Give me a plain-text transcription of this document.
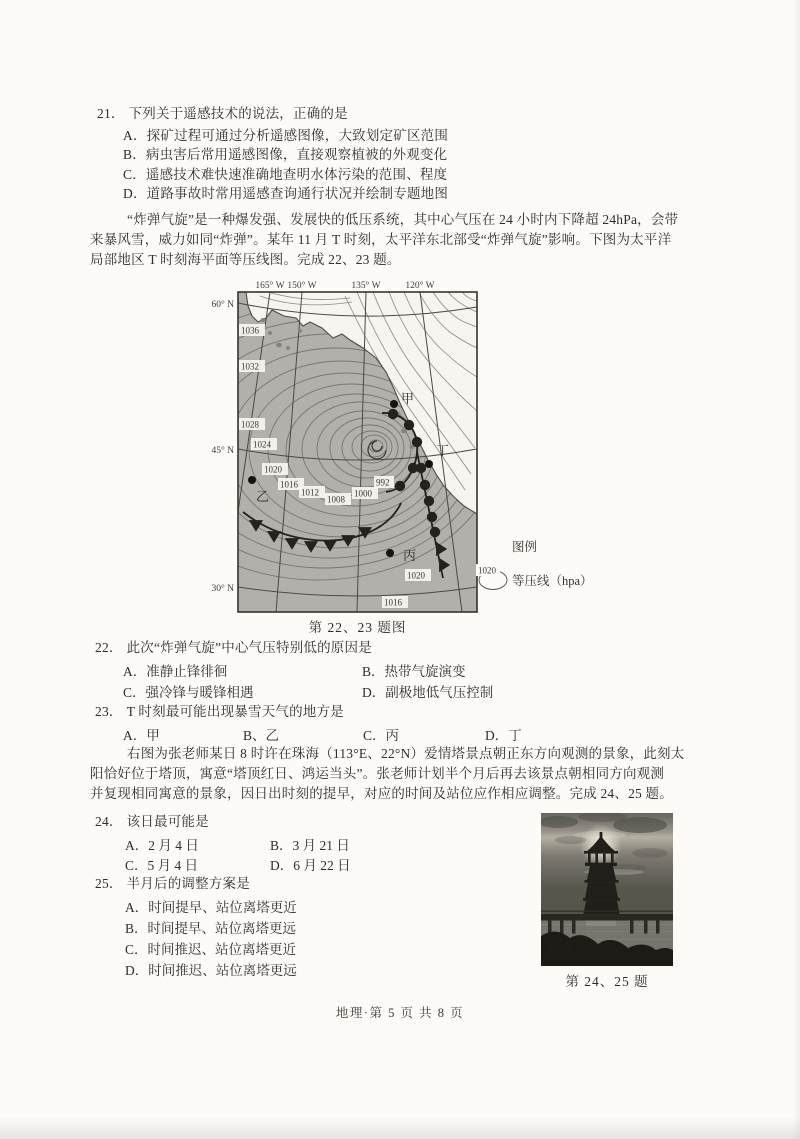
21． 下列关于遥感技术的说法，正确的是
A．探矿过程可通过分析遥感图像，大致划定矿区范围
B．病虫害后常用遥感图像，直接观察植被的外观变化
C．遥感技术难快速准确地查明水体污染的范围、程度
D．道路事故时常用遥感查询通行状况并绘制专题地图
“炸弹气旋”是一种爆发强、发展快的低压系统，其中心气压在 24 小时内下降超 24hPa，会带
来暴风雪，威力如同“炸弹”。某年 11 月 T 时刻，太平洋东北部受“炸弹气旋”影响。下图为太平洋
局部地区 T 时刻海平面等压线图。完成 22、23 题。
1036
1032
1028
1024
1020
1016
1012
1008
1000
992
1020
1016
甲
乙
丙
丁
165° W 150° W	135° W	120° W
60° N
45° N
30° N
图例
1020
等压线（hpa）
第 22、23 题图
22． 此次“炸弹气旋”中心气压特别低的原因是
A．准静止锋徘徊	B．热带气旋演变
C．强冷锋与暖锋相遇	D．副极地低气压控制
23． T 时刻最可能出现暴雪天气的地方是
A．甲	B、乙	C．丙	D．丁
右图为张老师某日 8 时许在珠海（113°E、22°N）爱情塔景点朝正东方向观测的景象，此刻太
阳恰好位于塔顶，寓意“塔顶红日、鸿运当头”。张老师计划半个月后再去该景点朝相同方向观测
并复现相同寓意的景象，因日出时刻的提早，对应的时间及站位应作相应调整。完成 24、25 题。
24． 该日最可能是
A．2 月 4 日	B．3 月 21 日
C．5 月 4 日	D．6 月 22 日
25． 半月后的调整方案是
A．时间提早、站位离塔更近
B．时间提早、站位离塔更远
C．时间推迟、站位离塔更近
D．时间推迟、站位离塔更远
神墙
第 24、25 题
地理·第 5 页 共 8 页
